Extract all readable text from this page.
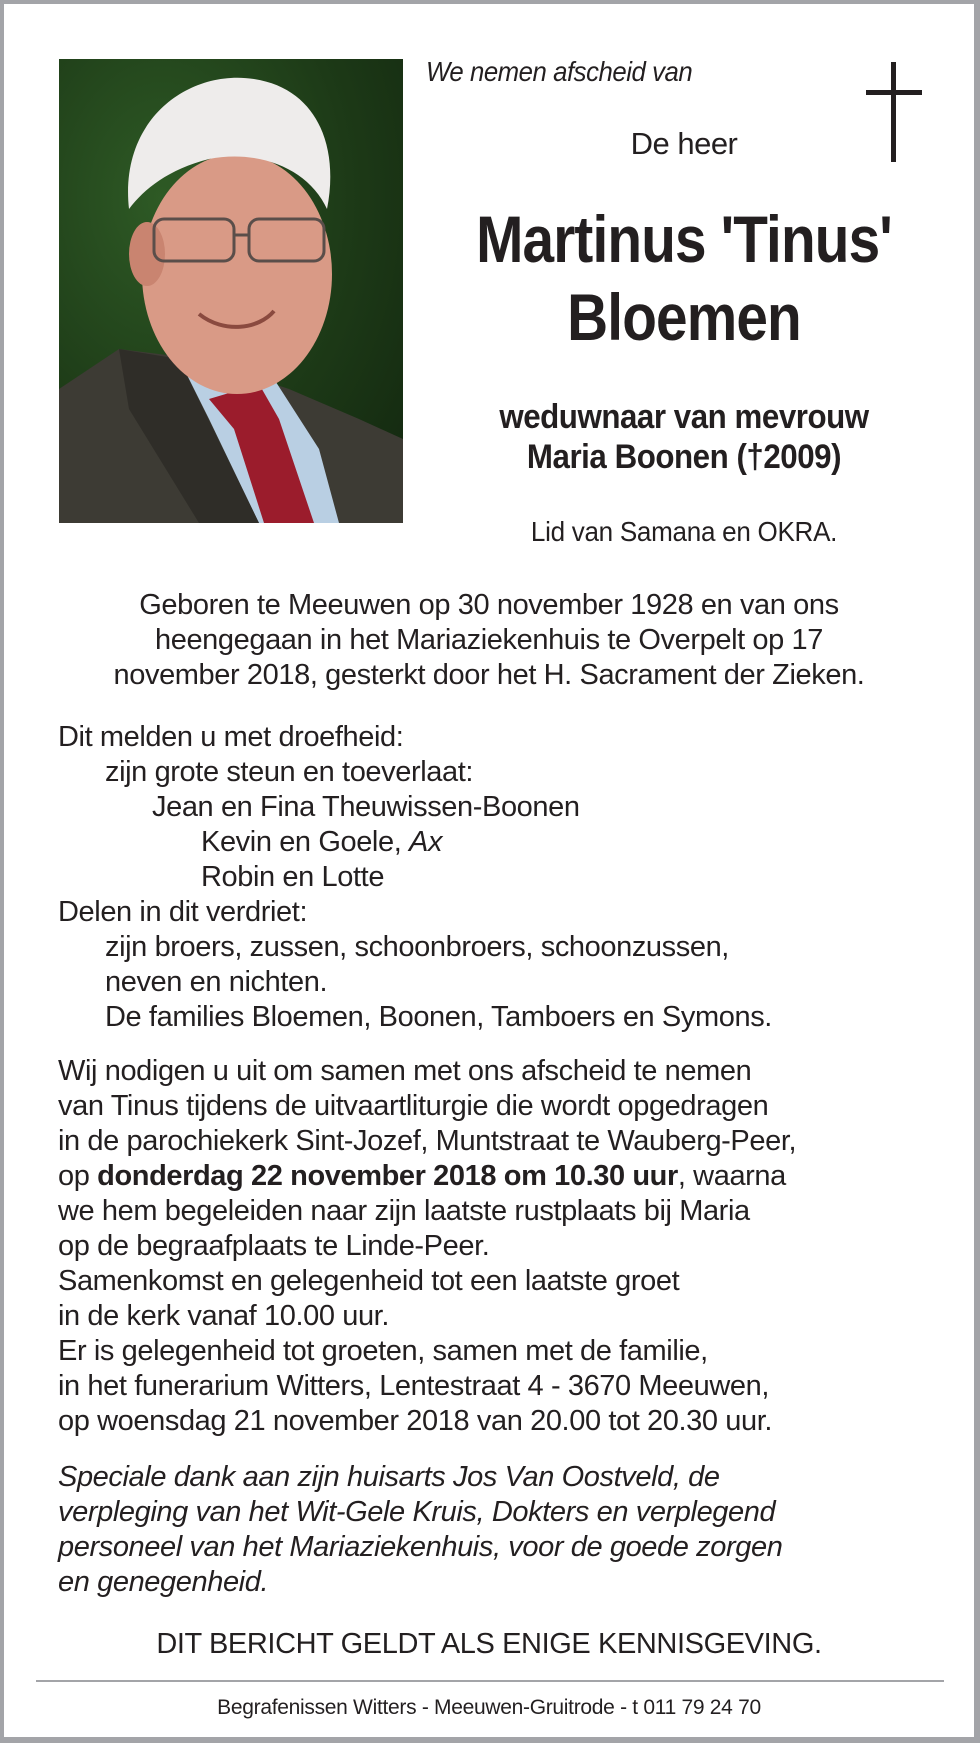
We nemen afscheid van
De heer
Martinus 'Tinus'
Bloemen
weduwnaar van mevrouw
Maria Boonen (†2009)
Lid van Samana en OKRA.
Geboren te Meeuwen op 30 november 1928 en van ons
heengegaan in het Mariaziekenhuis te Overpelt op 17
november 2018, gesterkt door het H. Sacrament der Zieken.
Dit melden u met droefheid:
zijn grote steun en toeverlaat:
Jean en Fina Theuwissen-Boonen
Kevin en Goele, Ax
Robin en Lotte
Delen in dit verdriet:
zijn broers, zussen, schoonbroers, schoonzussen,
neven en nichten.
De families Bloemen, Boonen, Tamboers en Symons.
Wij nodigen u uit om samen met ons afscheid te nemen
van Tinus tijdens de uitvaartliturgie die wordt opgedragen
in de parochiekerk Sint-Jozef, Muntstraat te Wauberg-Peer,
op donderdag 22 november 2018 om 10.30 uur, waarna
we hem begeleiden naar zijn laatste rustplaats bij Maria
op de begraafplaats te Linde-Peer.
Samenkomst en gelegenheid tot een laatste groet
in de kerk vanaf 10.00 uur.
Er is gelegenheid tot groeten, samen met de familie,
in het funerarium Witters, Lentestraat 4 - 3670 Meeuwen,
op woensdag 21 november 2018 van 20.00 tot 20.30 uur.
Speciale dank aan zijn huisarts Jos Van Oostveld, de
verpleging van het Wit-Gele Kruis, Dokters en verplegend
personeel van het Mariaziekenhuis, voor de goede zorgen
en genegenheid.
DIT BERICHT GELDT ALS ENIGE KENNISGEVING.
Begrafenissen Witters - Meeuwen-Gruitrode - t 011 79 24 70
